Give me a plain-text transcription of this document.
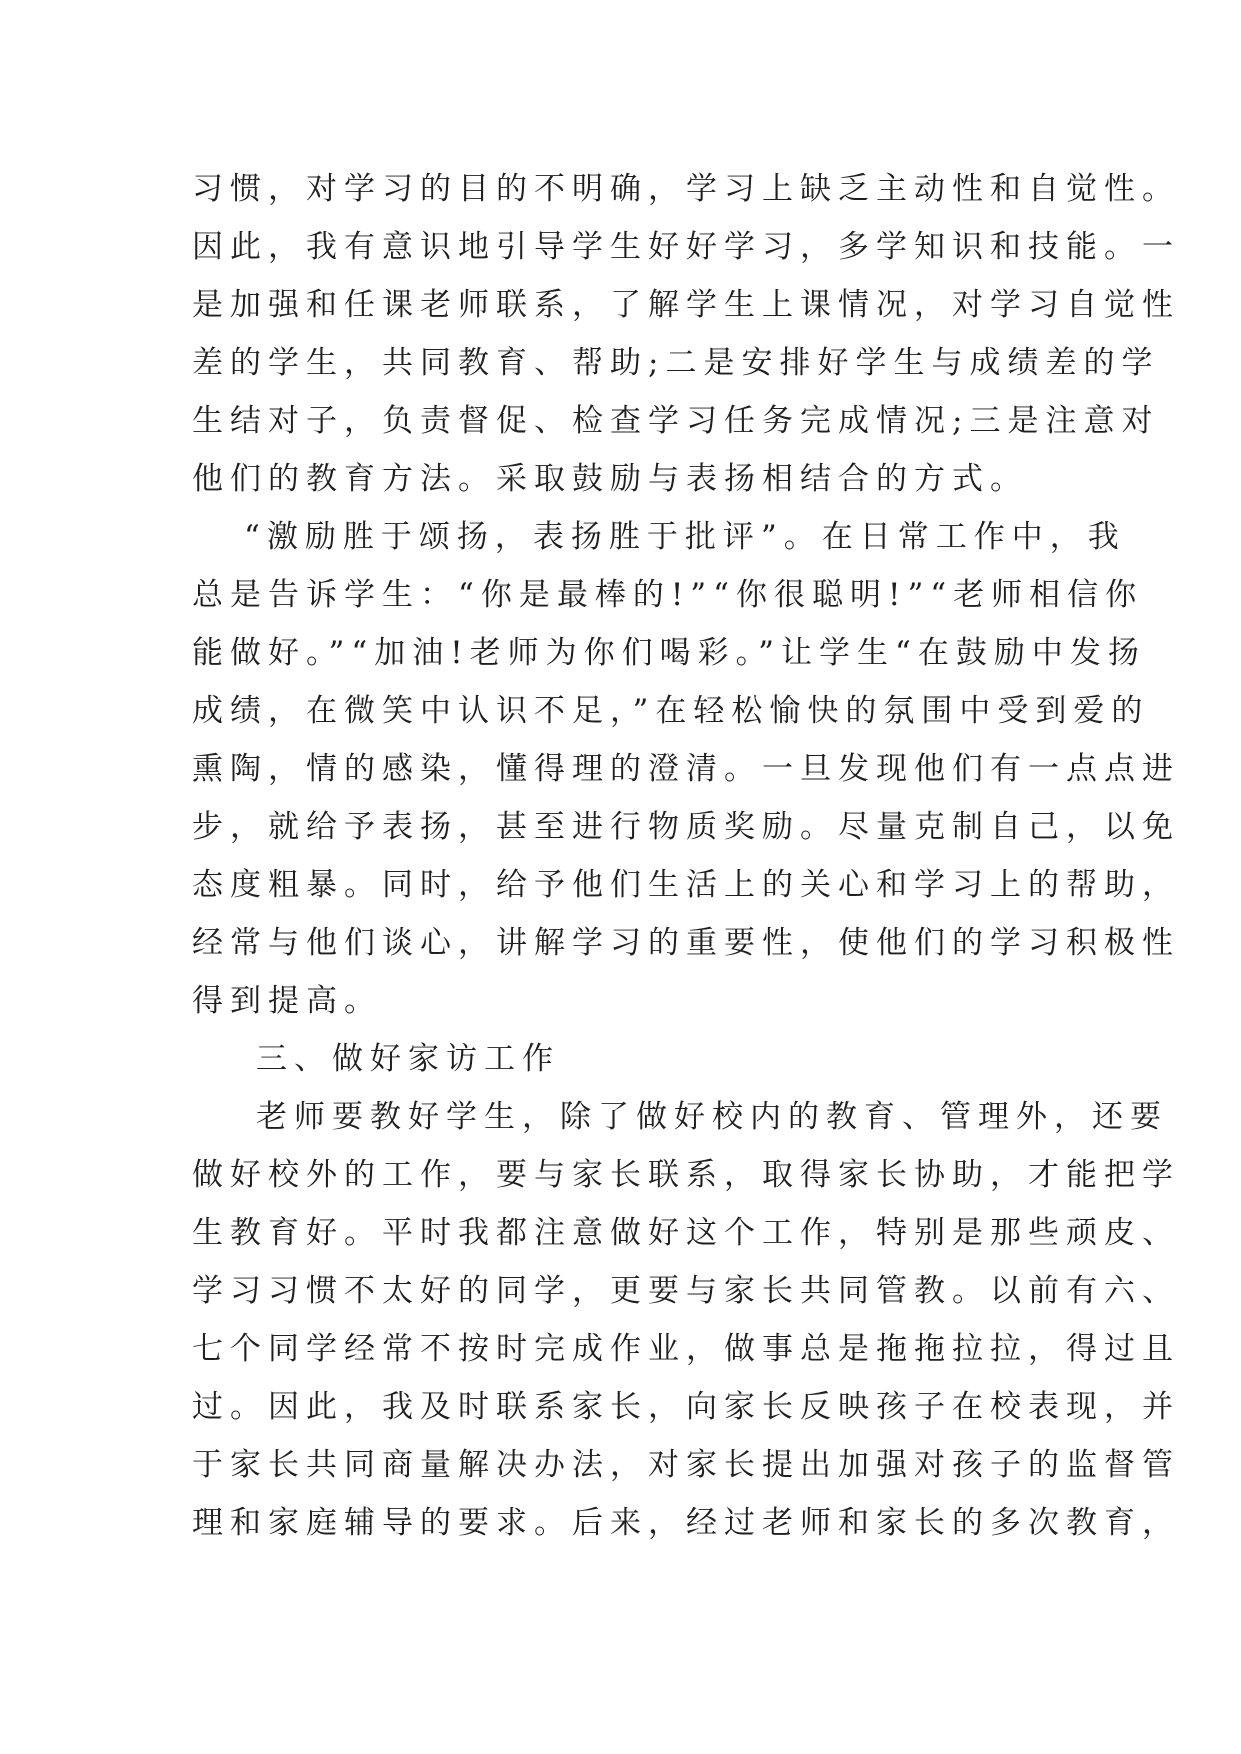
习惯，对学习的目的不明确，学习上缺乏主动性和自觉性。
因此，我有意识地引导学生好好学习，多学知识和技能。一
是加强和任课老师联系，了解学生上课情况，对学习自觉性
差的学生，共同教育、帮助;二是安排好学生与成绩差的学
生结对子，负责督促、检查学习任务完成情况;三是注意对
他们的教育方法。采取鼓励与表扬相结合的方式。
“激励胜于颂扬，表扬胜于批评”。在日常工作中，我
总是告诉学生：“你是最棒的!”“你很聪明!”“老师相信你
能做好。”“加油!老师为你们喝彩。”让学生“在鼓励中发扬
成绩，在微笑中认识不足，”在轻松愉快的氛围中受到爱的
熏陶，情的感染，懂得理的澄清。一旦发现他们有一点点进
步，就给予表扬，甚至进行物质奖励。尽量克制自己，以免
态度粗暴。同时，给予他们生活上的关心和学习上的帮助，
经常与他们谈心，讲解学习的重要性，使他们的学习积极性
得到提高。
三、做好家访工作
老师要教好学生，除了做好校内的教育、管理外，还要
做好校外的工作，要与家长联系，取得家长协助，才能把学
生教育好。平时我都注意做好这个工作，特别是那些顽皮、
学习习惯不太好的同学，更要与家长共同管教。以前有六、
七个同学经常不按时完成作业，做事总是拖拖拉拉，得过且
过。因此，我及时联系家长，向家长反映孩子在校表现，并
于家长共同商量解决办法，对家长提出加强对孩子的监督管
理和家庭辅导的要求。后来，经过老师和家长的多次教育，
